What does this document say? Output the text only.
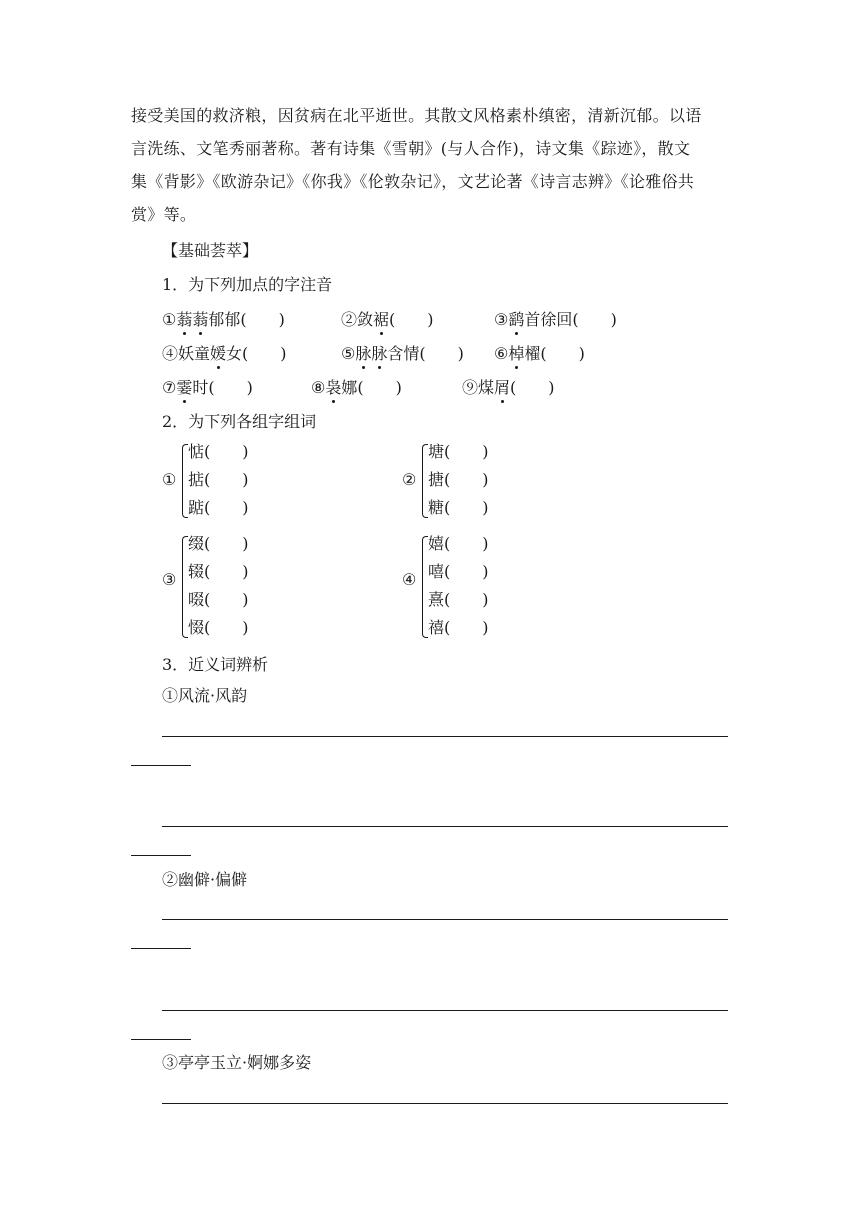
接受美国的救济粮，因贫病在北平逝世。其散文风格素朴缜密，清新沉郁。以语
言洗练、文笔秀丽著称。著有诗集《雪朝》(与人合作)，诗文集《踪迹》，散文
集《背影》《欧游杂记》《你我》《伦敦杂记》，文艺论著《诗言志辨》《论雅俗共
赏》等。
【基础荟萃】
1．为下列加点的字注音
①蓊蓊郁郁(　　)	②敛裾(　　)	③鹞首徐回(　　)
④妖童媛女(　　)	⑤脉脉含情(　　) ⑥棹櫂(　　)
⑦霎时(　　)	⑧袅娜(　　)	⑨煤屑(　　)
2．为下列各组字组词
①
惦(　　)
掂(　　)
踮(　　)
②
塘(　　)
搪(　　)
糖(　　)
③
缀(　　)
辍(　　)
啜(　　)
惙(　　)
④
嬉(　　)
嘻(　　)
熹(　　)
禧(　　)
3．近义词辨析
①风流·风韵
②幽僻·偏僻
③亭亭玉立·婀娜多姿
